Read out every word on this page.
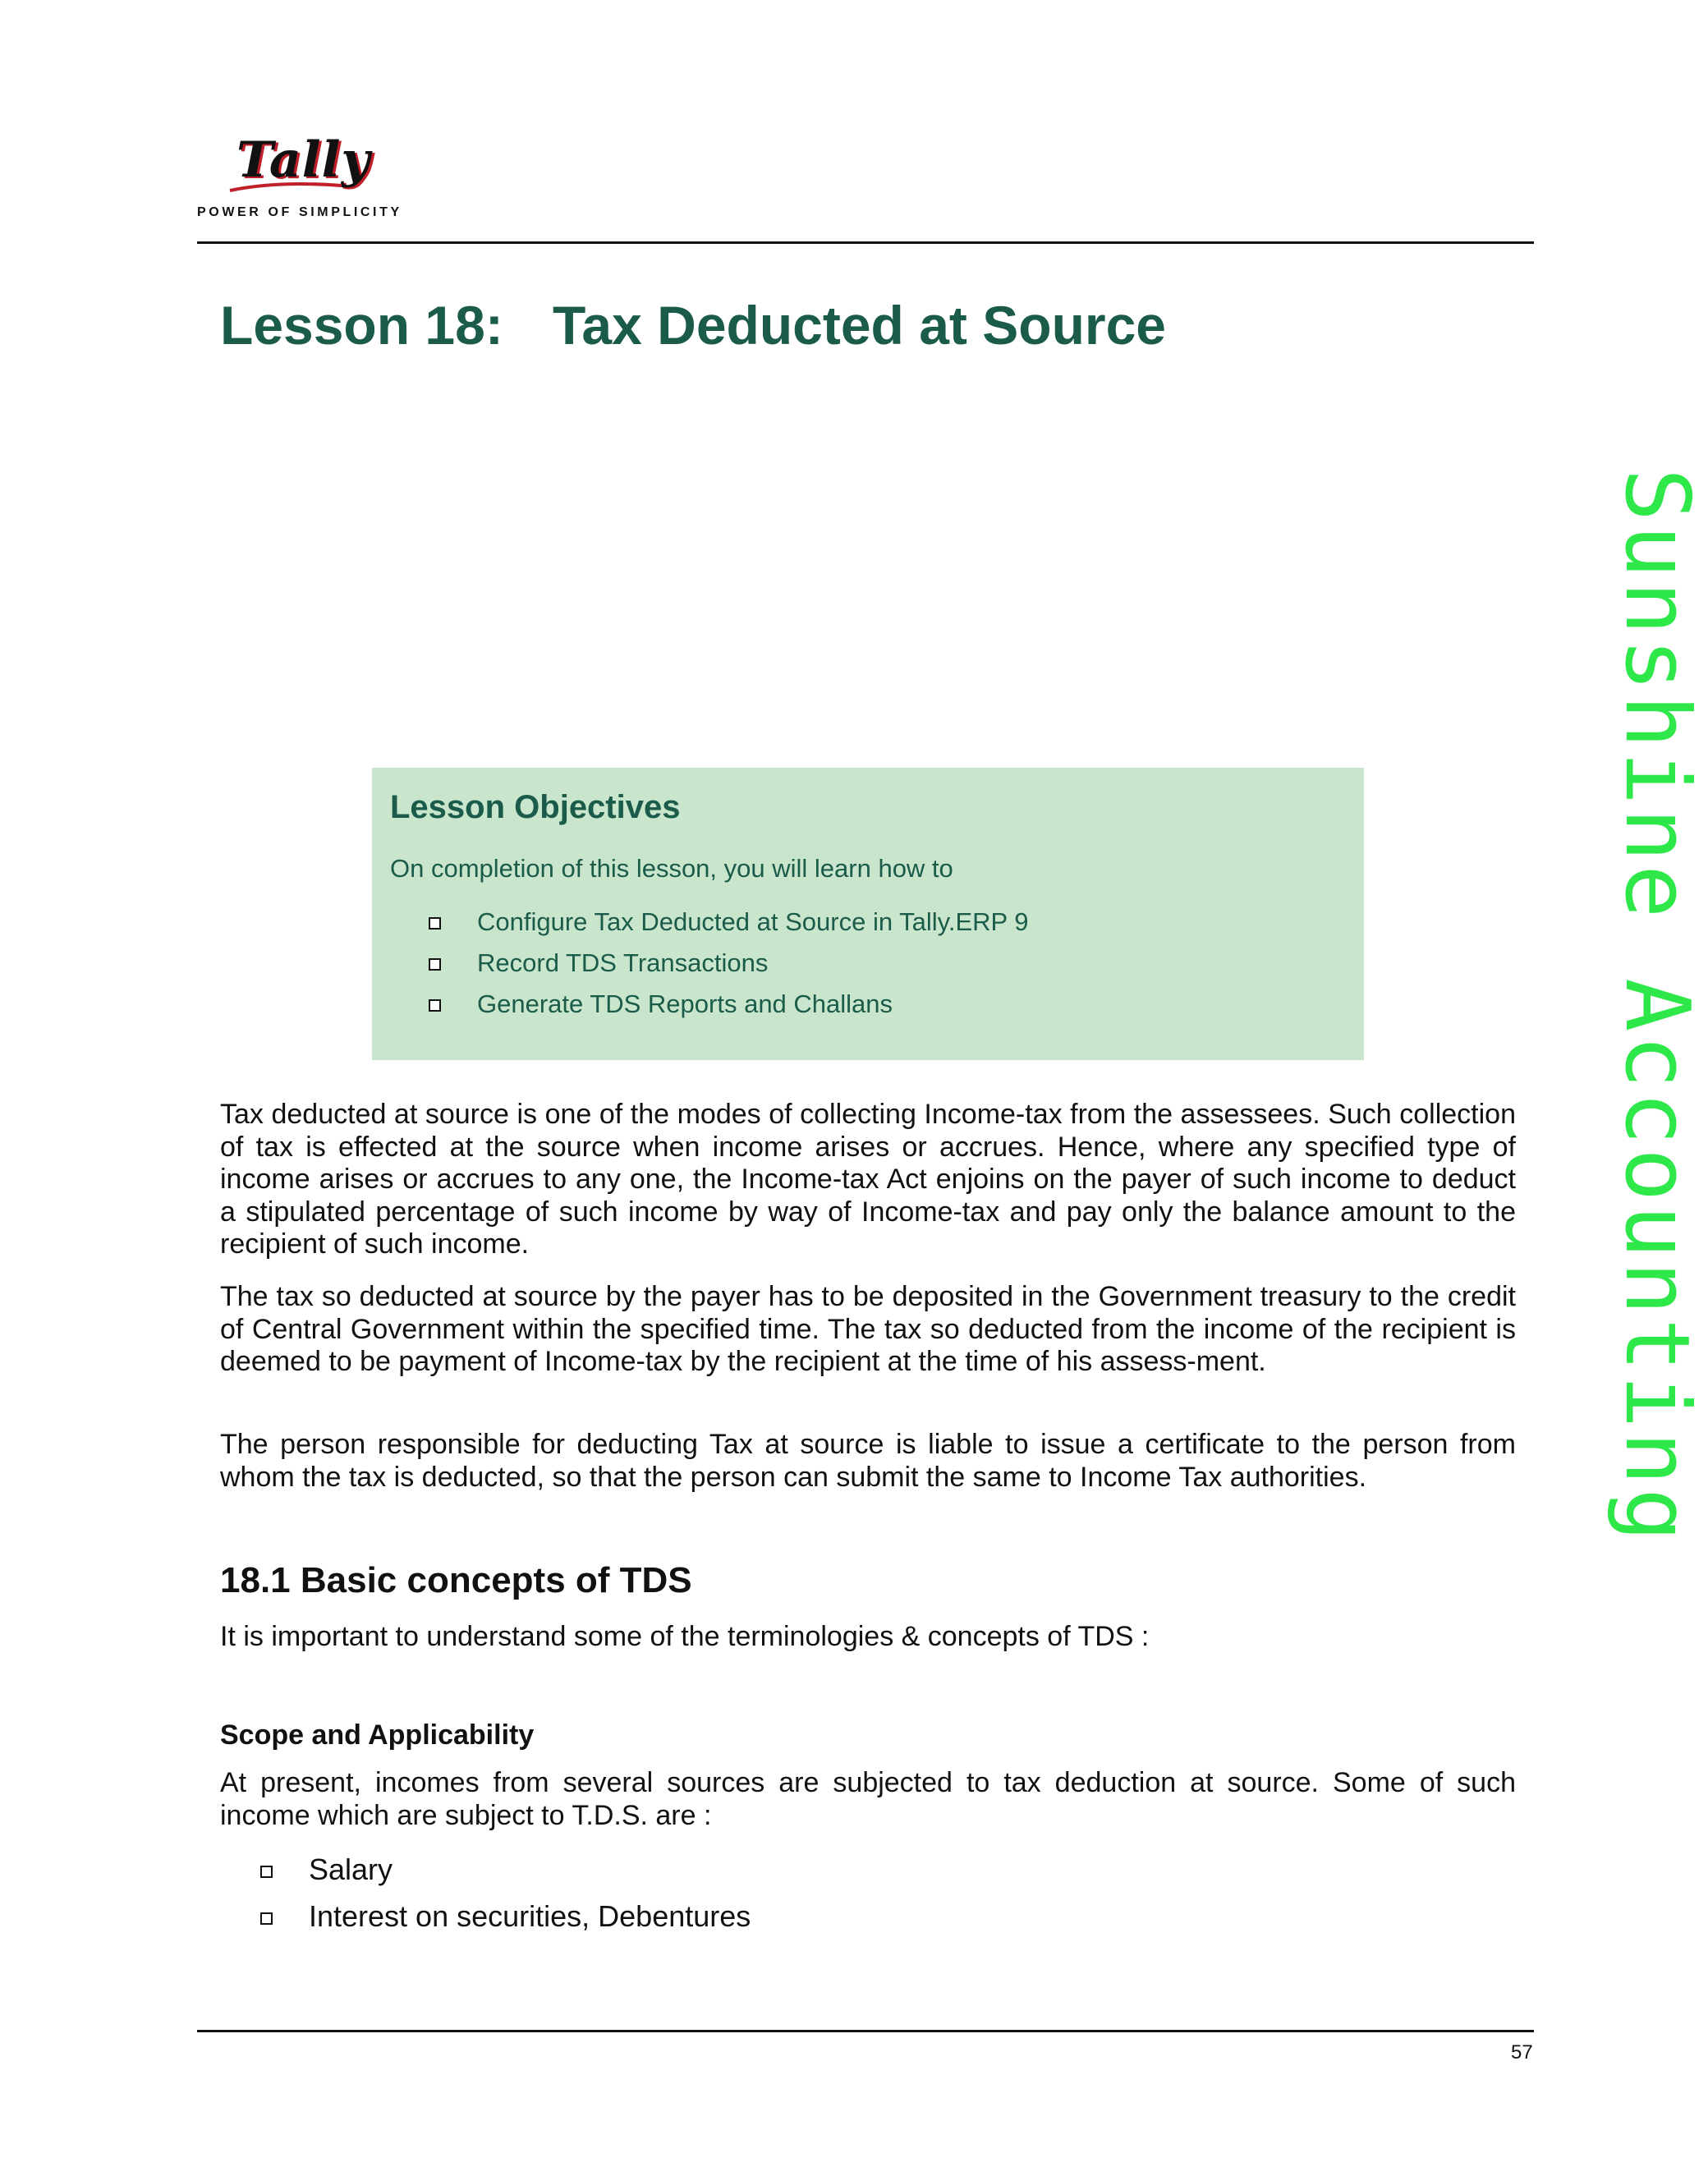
Tally
POWER OF SIMPLICITY
Lesson 18: Tax Deducted at Source
Lesson Objectives

On completion of this lesson, you will learn how to

Configure Tax Deducted at Source in Tally.ERP 9
Record TDS Transactions
Generate TDS Reports and Challans

Tax deducted at source is one of the modes of collecting Income-tax from the assessees. Such collection of tax is effected at the source when income arises or accrues. Hence, where any specified type of income arises or accrues to any one, the Income-tax Act enjoins on the payer of such income to deduct a stipulated percentage of such income by way of Income-tax and pay only the balance amount to the recipient of such income.

The tax so deducted at source by the payer has to be deposited in the Government treasury to the credit of Central Government within the specified time. The tax so deducted from the income of the recipient is deemed to be payment of Income-tax by the recipient at the time of his assess-ment.

The person responsible for deducting Tax at source is liable to issue a certificate to the person from whom the tax is deducted, so that the person can submit the same to Income Tax authorities.

18.1 Basic concepts of TDS

It is important to understand some of the terminologies & concepts of TDS :

Scope and Applicability

At present, incomes from several sources are subjected to tax deduction at source. Some of such income which are subject to T.D.S. are :

Salary
Interest on securities, Debentures
57
Sunshine Accounting
